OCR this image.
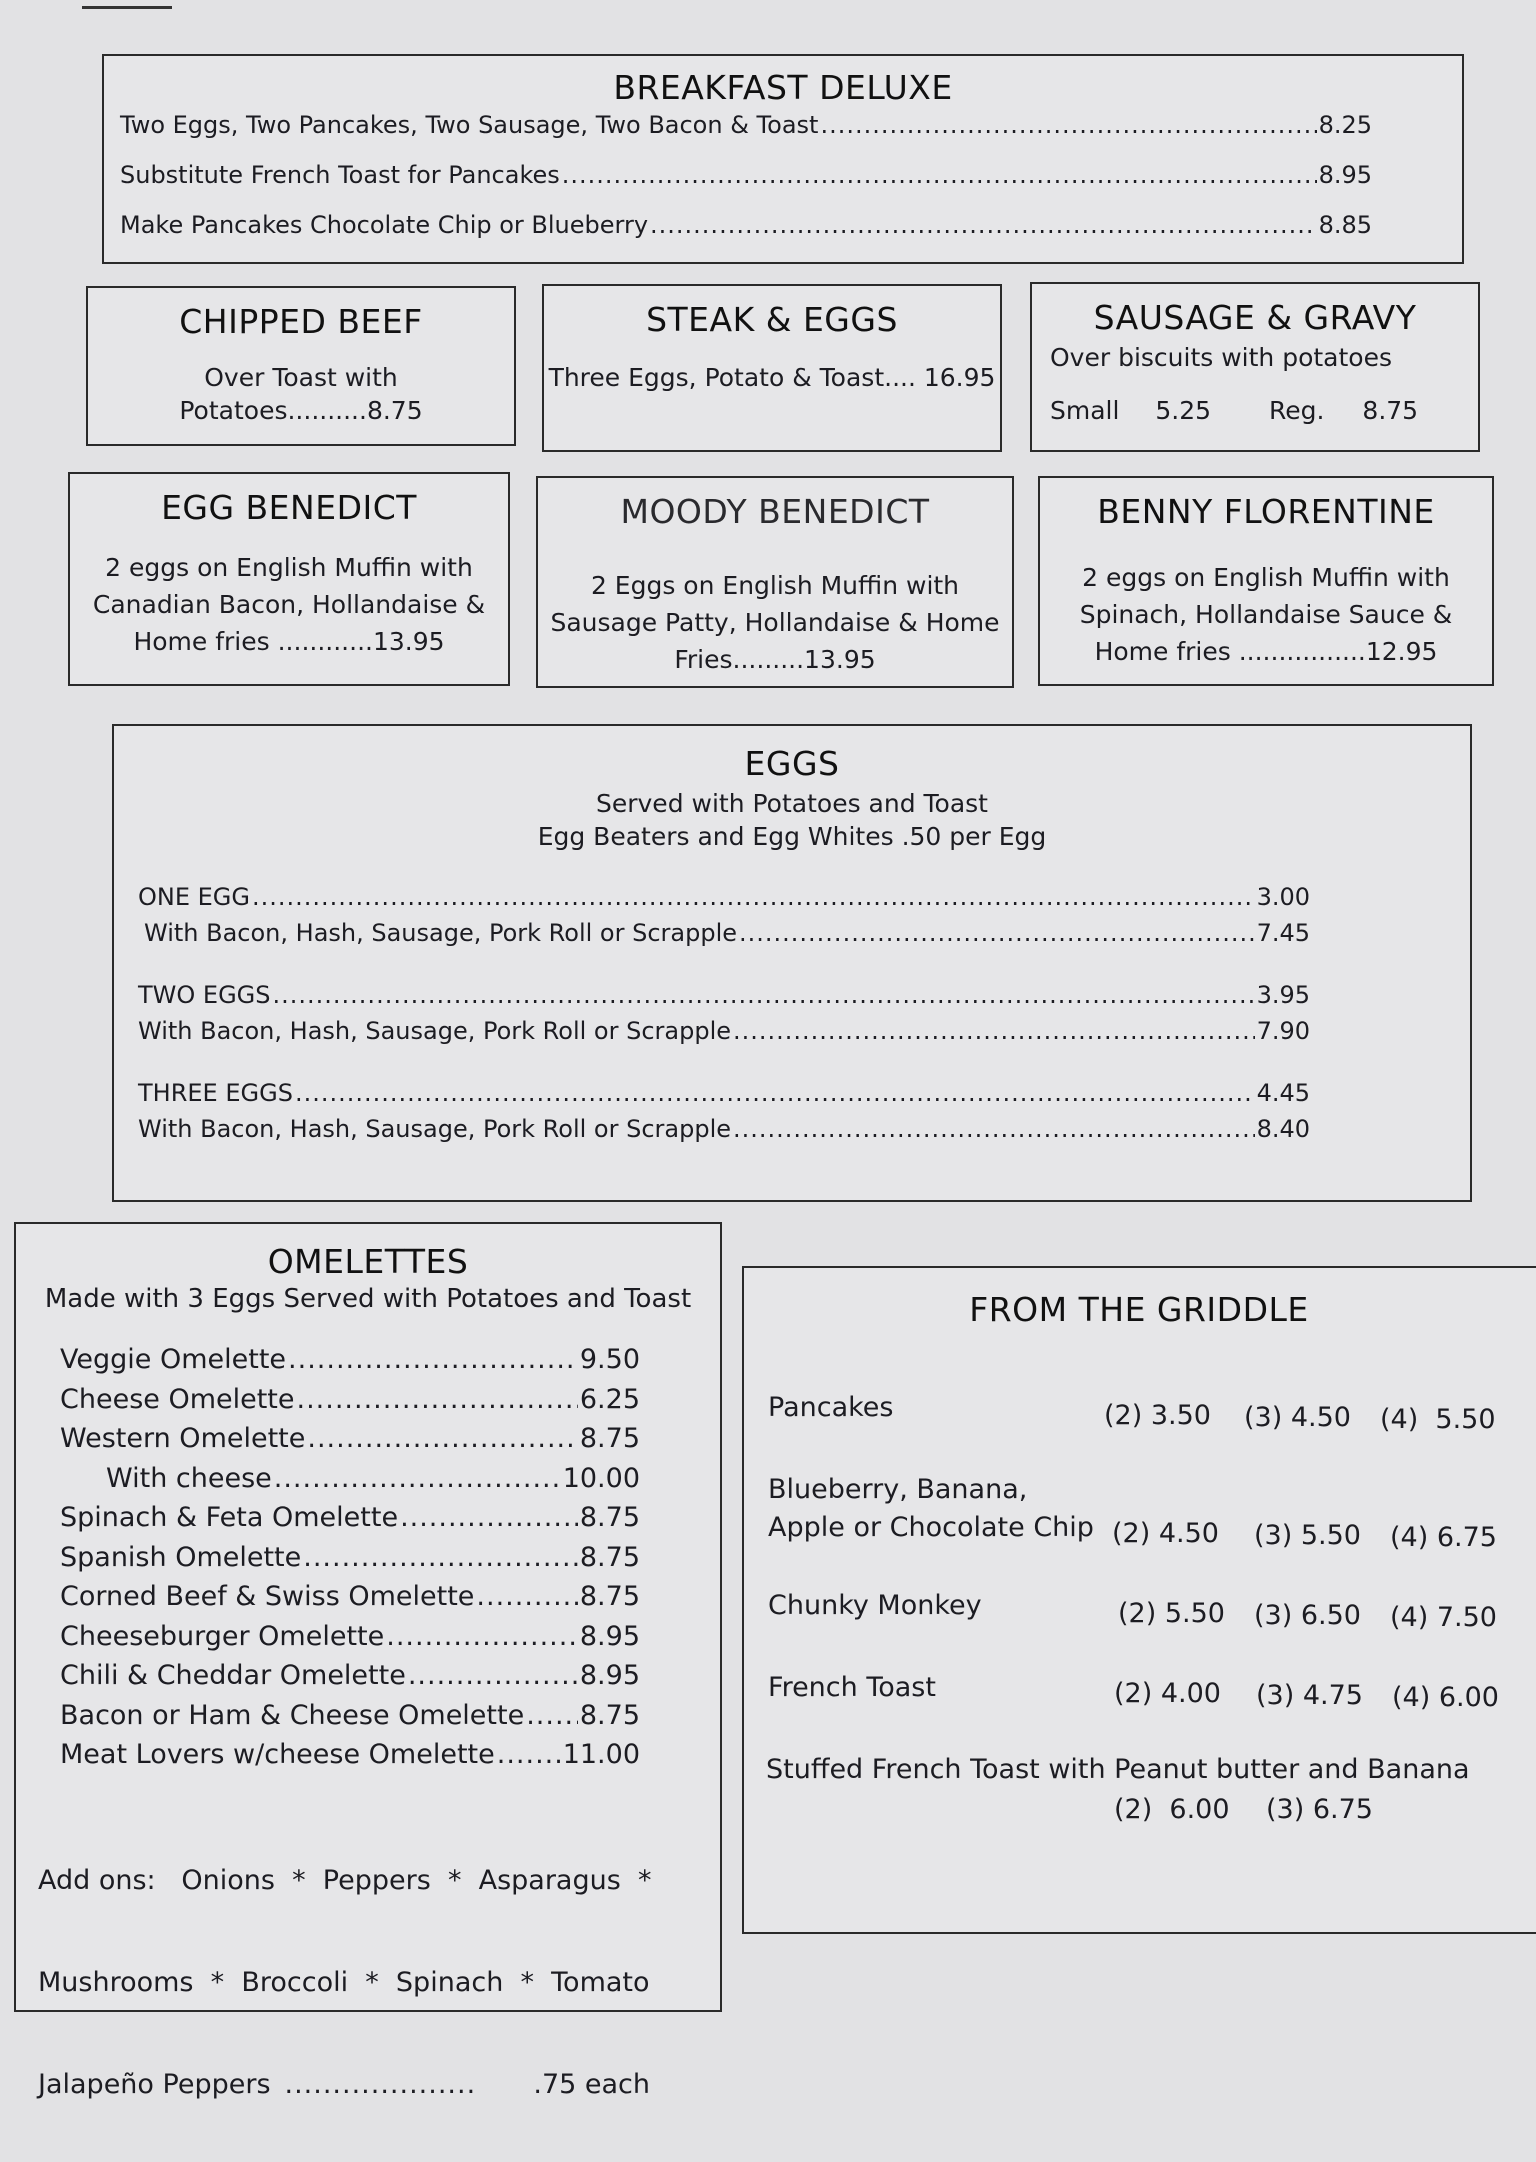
BREAKFAST DELUXE
Two Eggs, Two Pancakes, Two Sausage, Two Bacon & Toast .....	8.25
Substitute French Toast for Pancakes .....	8.95
Make Pancakes Chocolate Chip or Blueberry .....	8.85
CHIPPED BEEF
Over Toast with
Potatoes..........8.75
STEAK & EGGS
Three Eggs, Potato & Toast.... 16.95
SAUSAGE & GRAVY
Over biscuits with potatoes
Small 5.25 Reg. 8.75
EGG BENEDICT
2 eggs on English Muffin with
Canadian Bacon, Hollandaise &
Home fries ............13.95
MOODY BENEDICT
2 Eggs on English Muffin with
Sausage Patty, Hollandaise & Home
Fries.........13.95
BENNY FLORENTINE
2 eggs on English Muffin with
Spinach, Hollandaise Sauce &
Home fries ................12.95
EGGS
Served with Potatoes and Toast
Egg Beaters and Egg Whites .50 per Egg
ONE EGG .....	3.00
With Bacon, Hash, Sausage, Pork Roll or Scrapple .....	7.45
TWO EGGS .....	3.95
With Bacon, Hash, Sausage, Pork Roll or Scrapple .....	7.90
THREE EGGS .....	4.45
With Bacon, Hash, Sausage, Pork Roll or Scrapple .....	8.40
OMELETTES
Made with 3 Eggs Served with Potatoes and Toast
Veggie Omelette .....	9.50
Cheese Omelette .....	6.25
Western Omelette .....	8.75
With cheese .....	10.00
Spinach & Feta Omelette .....	8.75
Spanish Omelette .....	8.75
Corned Beef & Swiss Omelette .....	8.75
Cheeseburger Omelette .....	8.95
Chili & Cheddar Omelette .....	8.95
Bacon or Ham & Cheese Omelette ..... 8.75
Meat Lovers w/cheese Omelette .....	11.00

Add ons:   Onions  *  Peppers  *  Asparagus  *

Mushrooms  *  Broccoli  *  Spinach  *  Tomato

Jalapeño Peppers .....	.75 each

FROM THE GRIDDLE
Pancakes	(2) 3.50 (3) 4.50 (4)  5.50
Blueberry, Banana,
Apple or Chocolate Chip (2) 4.50 (3) 5.50 (4) 6.75
Chunky Monkey	(2) 5.50 (3) 6.50 (4) 7.50
French Toast	(2) 4.00 (3) 4.75 (4) 6.00
Stuffed French Toast with Peanut butter and Banana
(2)  6.00 (3) 6.75
